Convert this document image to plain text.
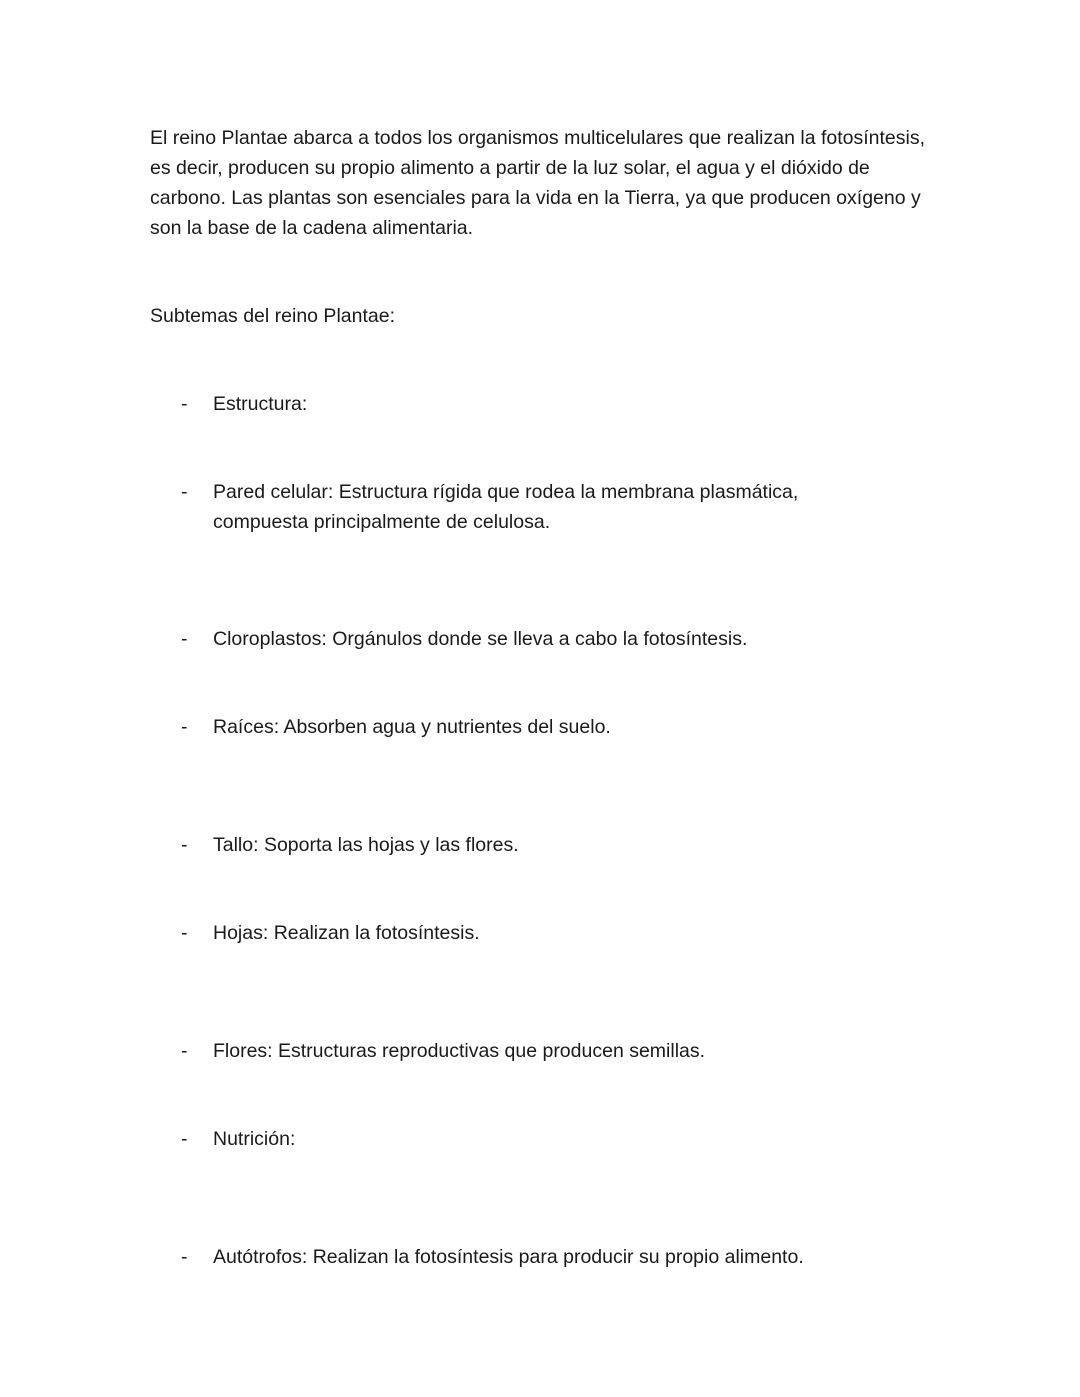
El reino Plantae abarca a todos los organismos multicelulares que realizan la fotosíntesis, es decir, producen su propio alimento a partir de la luz solar, el agua y el dióxido de carbono. Las plantas son esenciales para la vida en la Tierra, ya que producen oxígeno y son la base de la cadena alimentaria.

Subtemas del reino Plantae:

- Estructura:
- Pared celular: Estructura rígida que rodea la membrana plasmática, compuesta principalmente de celulosa.
- Cloroplastos: Orgánulos donde se lleva a cabo la fotosíntesis.
- Raíces: Absorben agua y nutrientes del suelo.
- Tallo: Soporta las hojas y las flores.
- Hojas: Realizan la fotosíntesis.
- Flores: Estructuras reproductivas que producen semillas.
- Nutrición:
- Autótrofos: Realizan la fotosíntesis para producir su propio alimento.
